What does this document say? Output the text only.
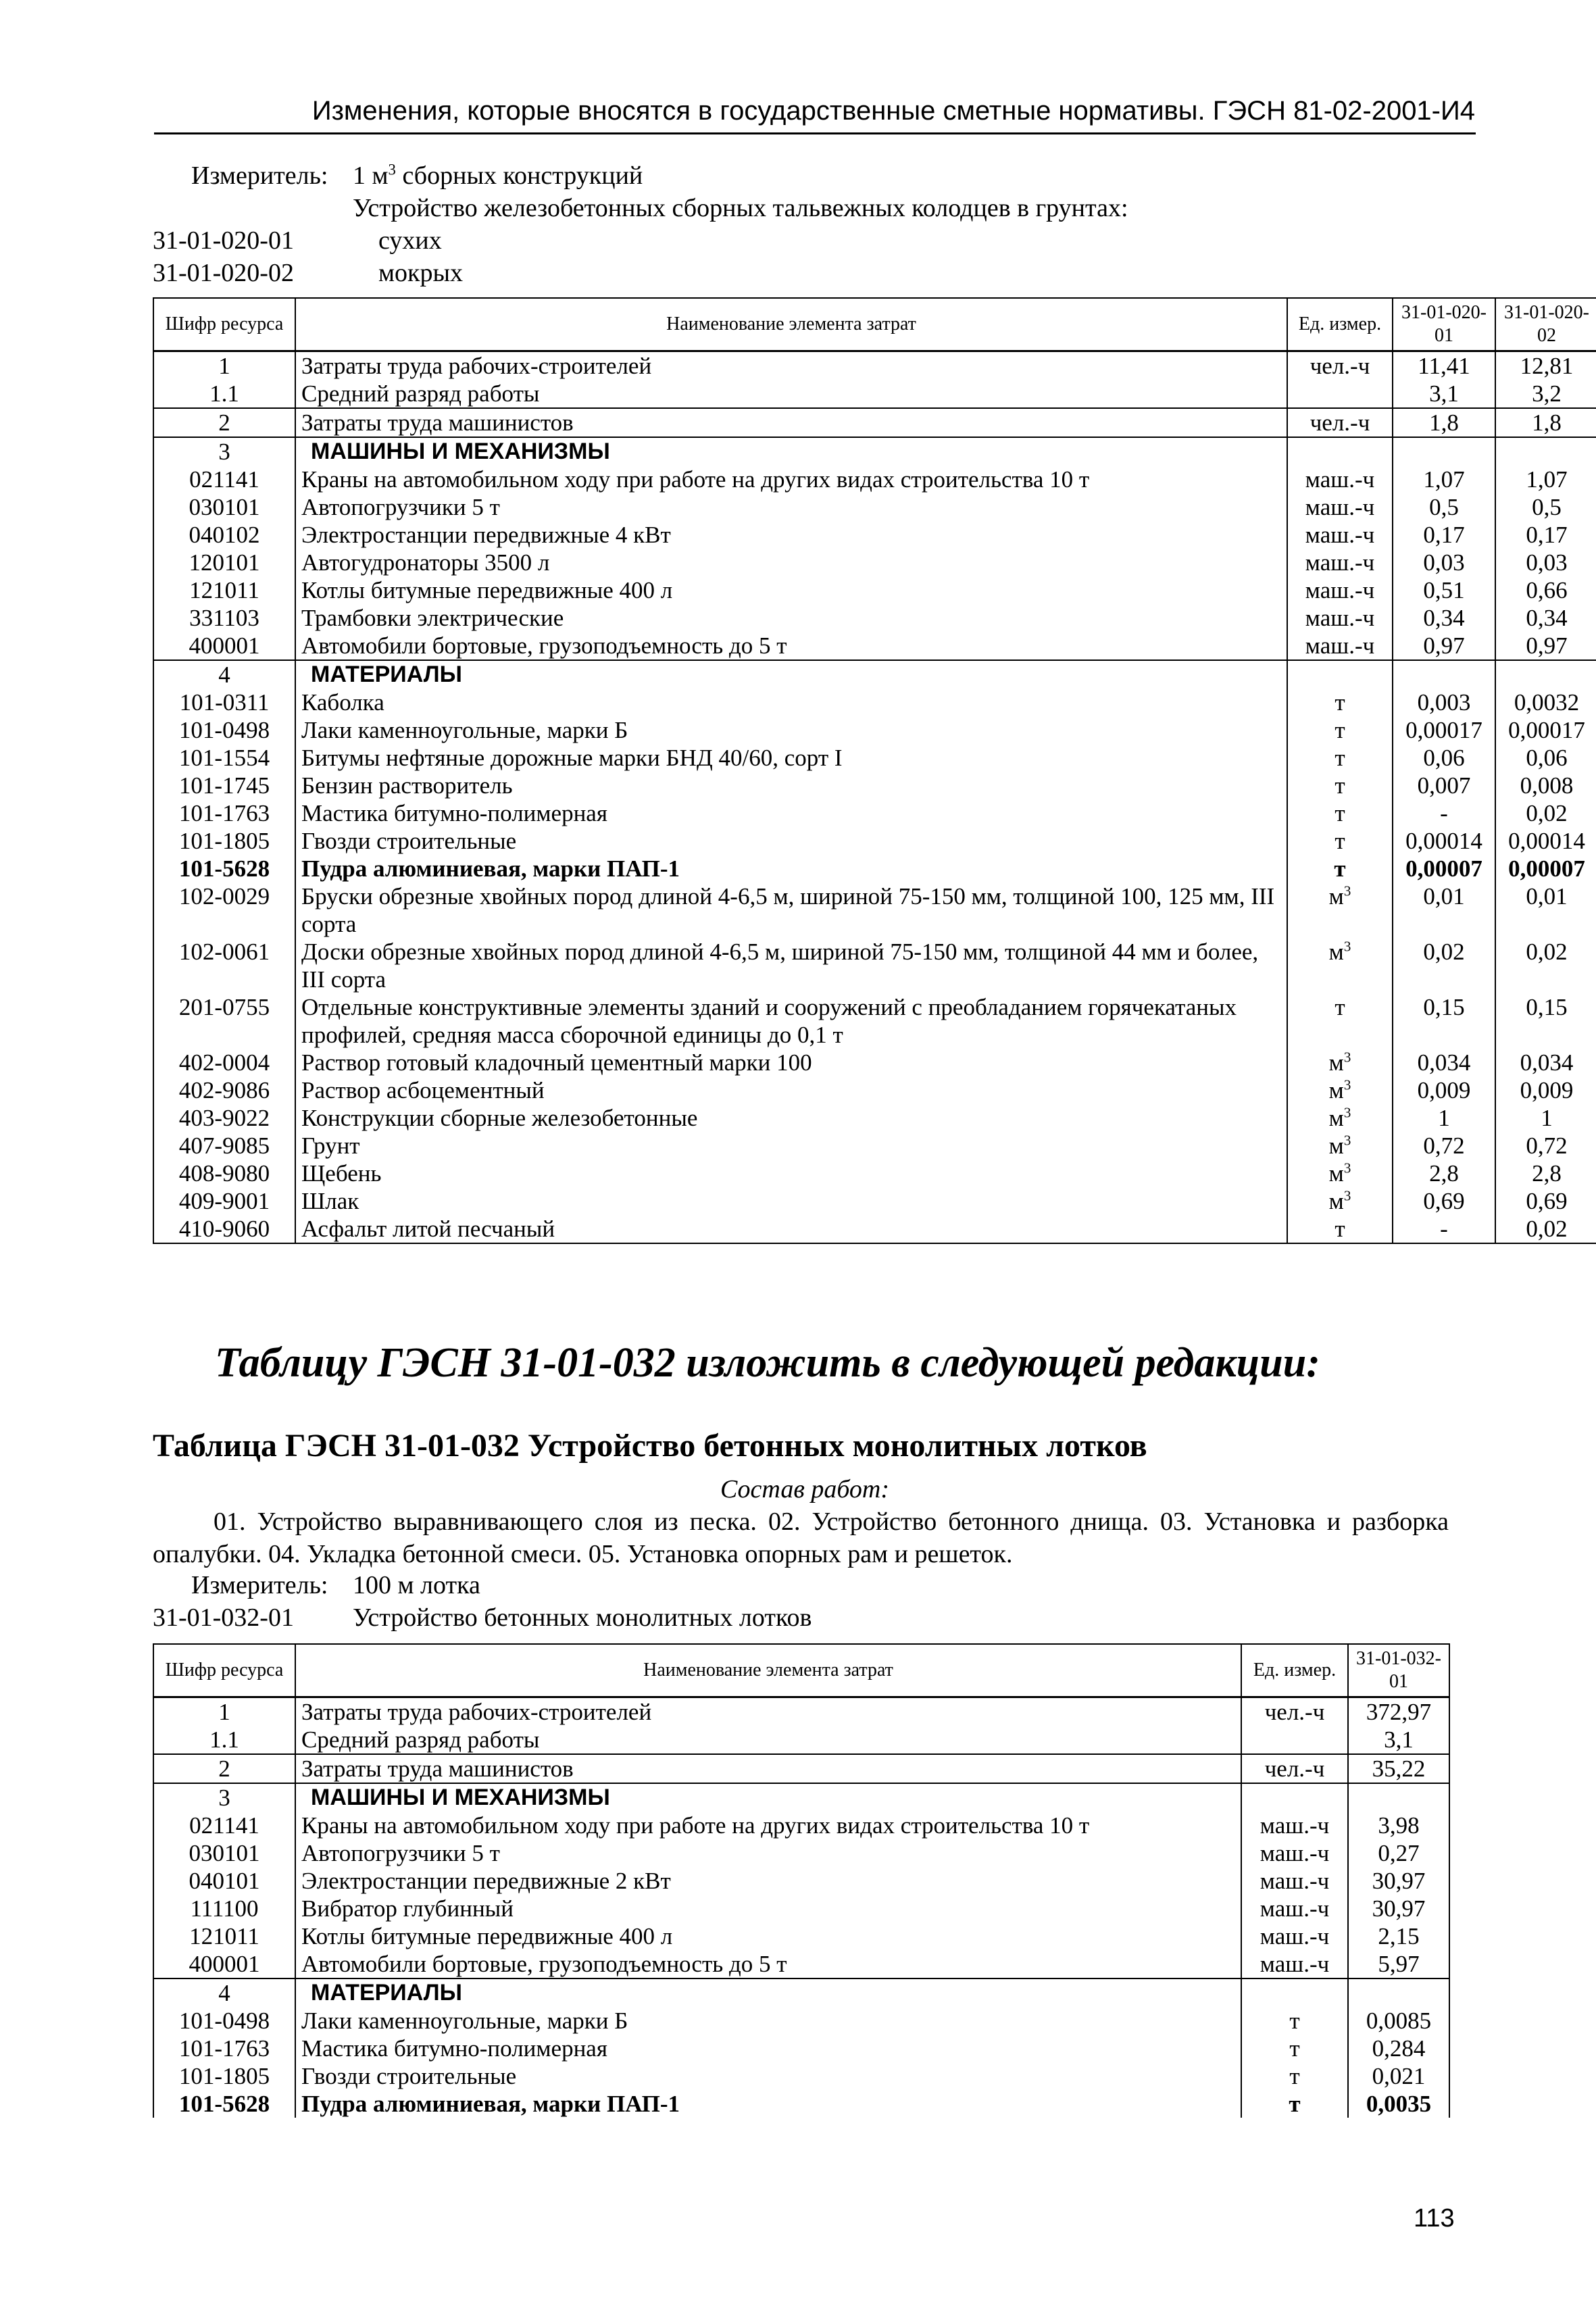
Изменения, которые вносятся в государственные сметные нормативы. ГЭСН 81-02-2001-И4
Измеритель: 1 $м^3$ сборных конструкций
Устройство железобетонных сборных тальвежных колодцев в грунтах:
31-01-020-01	сухих
31-01-020-02	мокрых
Шифр ресурса	Наименование элемента затрат	Ед. измер.	31-01-020-01	31-01-020-02
1	Затраты труда рабочих-строителей	чел.-ч	11,41	12,81
1.1	Средний разряд работы		3,1	3,2
2	Затраты труда машинистов	чел.-ч	1,8	1,8
3	МАШИНЫ И МЕХАНИЗМЫ			
021141	Краны на автомобильном ходу при работе на других видах строительства 10 т	маш.-ч	1,07	1,07
030101	Автопогрузчики 5 т	маш.-ч	0,5	0,5
040102	Электростанции передвижные 4 кВт	маш.-ч	0,17	0,17
120101	Автогудронаторы 3500 л	маш.-ч	0,03	0,03
121011	Котлы битумные передвижные 400 л	маш.-ч	0,51	0,66
331103	Трамбовки электрические	маш.-ч	0,34	0,34
400001	Автомобили бортовые, грузоподъемность до 5 т	маш.-ч	0,97	0,97
4	МАТЕРИАЛЫ			
101-0311	Каболка	т	0,003	0,0032
101-0498	Лаки каменноугольные, марки Б	т	0,00017	0,00017
101-1554	Битумы нефтяные дорожные марки БНД 40/60, сорт I	т	0,06	0,06
101-1745	Бензин растворитель	т	0,007	0,008
101-1763	Мастика битумно-полимерная	т	-	0,02
101-1805	Гвозди строительные	т	0,00014	0,00014
101-5628	Пудра алюминиевая, марки ПАП-1	т	0,00007	0,00007
102-0029	Бруски обрезные хвойных пород длиной 4-6,5 м, шириной 75-150 мм, толщиной 100, 125 мм, III сорта	$м^3$	0,01	0,01
102-0061	Доски обрезные хвойных пород длиной 4-6,5 м, шириной 75-150 мм, толщиной 44 мм и более, III сорта	$м^3$	0,02	0,02
201-0755	Отдельные конструктивные элементы зданий и сооружений с преобладанием горячекатаных профилей, средняя масса сборочной единицы до 0,1 т	т	0,15	0,15
402-0004	Раствор готовый кладочный цементный марки 100	$м^3$	0,034	0,034
402-9086	Раствор асбоцементный	$м^3$	0,009	0,009
403-9022	Конструкции сборные железобетонные	$м^3$	1	1
407-9085	Грунт	$м^3$	0,72	0,72
408-9080	Щебень	$м^3$	2,8	2,8
409-9001	Шлак	$м^3$	0,69	0,69
410-9060	Асфальт литой песчаный	т	-	0,02
Таблицу ГЭСН 31-01-032 изложить в следующей редакции:
Таблица ГЭСН 31-01-032 Устройство бетонных монолитных лотков
Состав работ:
01. Устройство выравнивающего слоя из песка. 02. Устройство бетонного днища. 03. Установка и разборка опалубки. 04. Укладка бетонной смеси. 05. Установка опорных рам и решеток.
Измеритель: 100 м лотка
31-01-032-01 Устройство бетонных монолитных лотков
Шифр ресурса	Наименование элемента затрат	Ед. измер.	31-01-032-01
1	Затраты труда рабочих-строителей	чел.-ч	372,97
1.1	Средний разряд работы		3,1
2	Затраты труда машинистов	чел.-ч	35,22
3	МАШИНЫ И МЕХАНИЗМЫ		
021141	Краны на автомобильном ходу при работе на других видах строительства 10 т	маш.-ч	3,98
030101	Автопогрузчики 5 т	маш.-ч	0,27
040101	Электростанции передвижные 2 кВт	маш.-ч	30,97
111100	Вибратор глубинный	маш.-ч	30,97
121011	Котлы битумные передвижные 400 л	маш.-ч	2,15
400001	Автомобили бортовые, грузоподъемность до 5 т	маш.-ч	5,97
4	МАТЕРИАЛЫ		
101-0498	Лаки каменноугольные, марки Б	т	0,0085
101-1763	Мастика битумно-полимерная	т	0,284
101-1805	Гвозди строительные	т	0,021
101-5628	Пудра алюминиевая, марки ПАП-1	т	0,0035
113
